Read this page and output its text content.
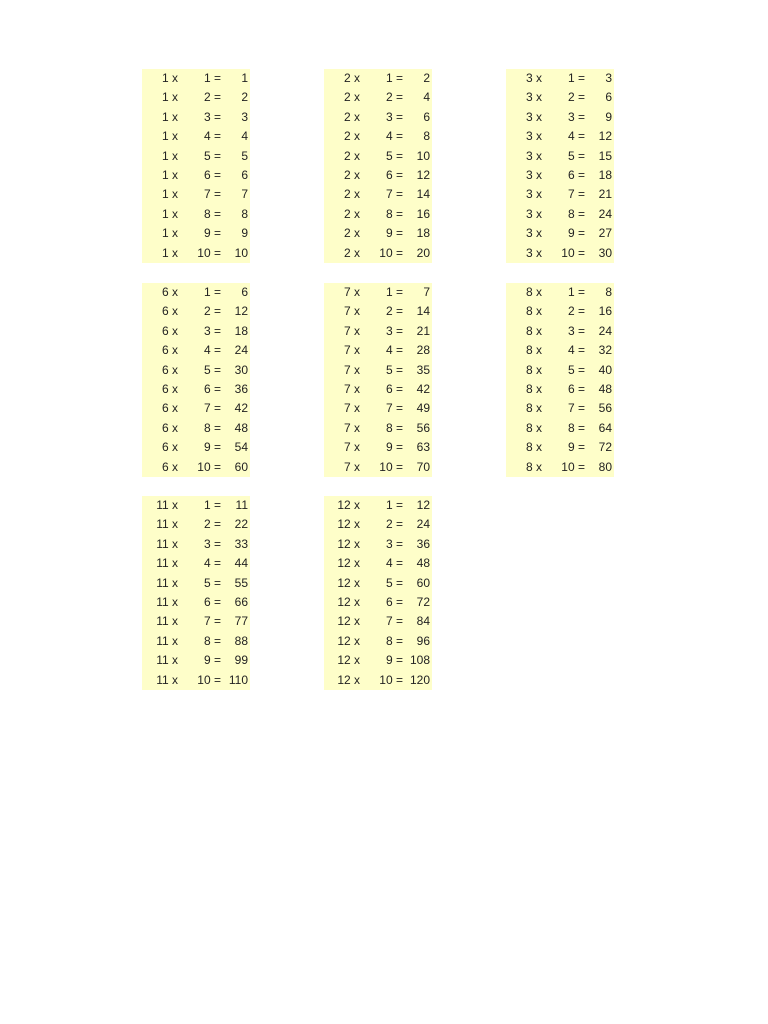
1 x	1 =	1
1 x	2 =	2
1 x	3 =	3
1 x	4 =	4
1 x	5 =	5
1 x	6 =	6
1 x	7 =	7
1 x	8 =	8
1 x	9 =	9
1 x	10 =	10
2 x	1 =	2
2 x	2 =	4
2 x	3 =	6
2 x	4 =	8
2 x	5 =	10
2 x	6 =	12
2 x	7 =	14
2 x	8 =	16
2 x	9 =	18
2 x	10 =	20
3 x	1 =	3
3 x	2 =	6
3 x	3 =	9
3 x	4 =	12
3 x	5 =	15
3 x	6 =	18
3 x	7 =	21
3 x	8 =	24
3 x	9 =	27
3 x	10 =	30
6 x	1 =	6
6 x	2 =	12
6 x	3 =	18
6 x	4 =	24
6 x	5 =	30
6 x	6 =	36
6 x	7 =	42
6 x	8 =	48
6 x	9 =	54
6 x	10 =	60
7 x	1 =	7
7 x	2 =	14
7 x	3 =	21
7 x	4 =	28
7 x	5 =	35
7 x	6 =	42
7 x	7 =	49
7 x	8 =	56
7 x	9 =	63
7 x	10 =	70
8 x	1 =	8
8 x	2 =	16
8 x	3 =	24
8 x	4 =	32
8 x	5 =	40
8 x	6 =	48
8 x	7 =	56
8 x	8 =	64
8 x	9 =	72
8 x	10 =	80
11 x	1 =	11
11 x	2 =	22
11 x	3 =	33
11 x	4 =	44
11 x	5 =	55
11 x	6 =	66
11 x	7 =	77
11 x	8 =	88
11 x	9 =	99
11 x	10 = 110
12 x	1 =	12
12 x	2 =	24
12 x	3 =	36
12 x	4 =	48
12 x	5 =	60
12 x	6 =	72
12 x	7 =	84
12 x	8 =	96
12 x	9 = 108
12 x	10 = 120
